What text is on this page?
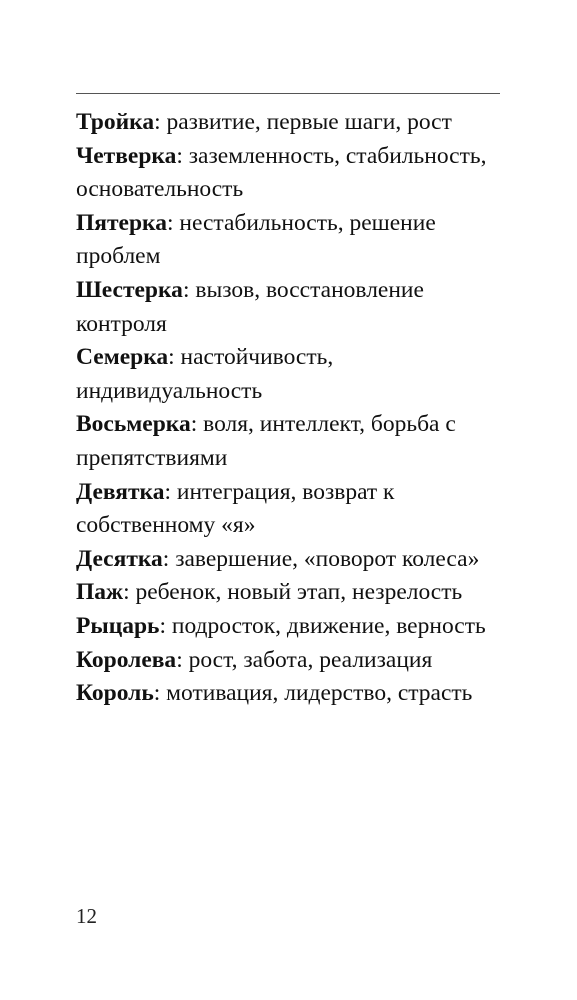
Тройка: развитие, первые шаги, рост
Четверка: заземленность, стабильность, основательность
Пятерка: нестабильность, решение проблем
Шестерка: вызов, восстановление контроля
Семерка: настойчивость, индивидуальность
Восьмерка: воля, интеллект, борьба с препятствиями
Девятка: интеграция, возврат к собственному «я»
Десятка: завершение, «поворот колеса»
Паж: ребенок, новый этап, незрелость
Рыцарь: подросток, движение, верность
Королева: рост, забота, реализация
Король: мотивация, лидерство, страсть
12
